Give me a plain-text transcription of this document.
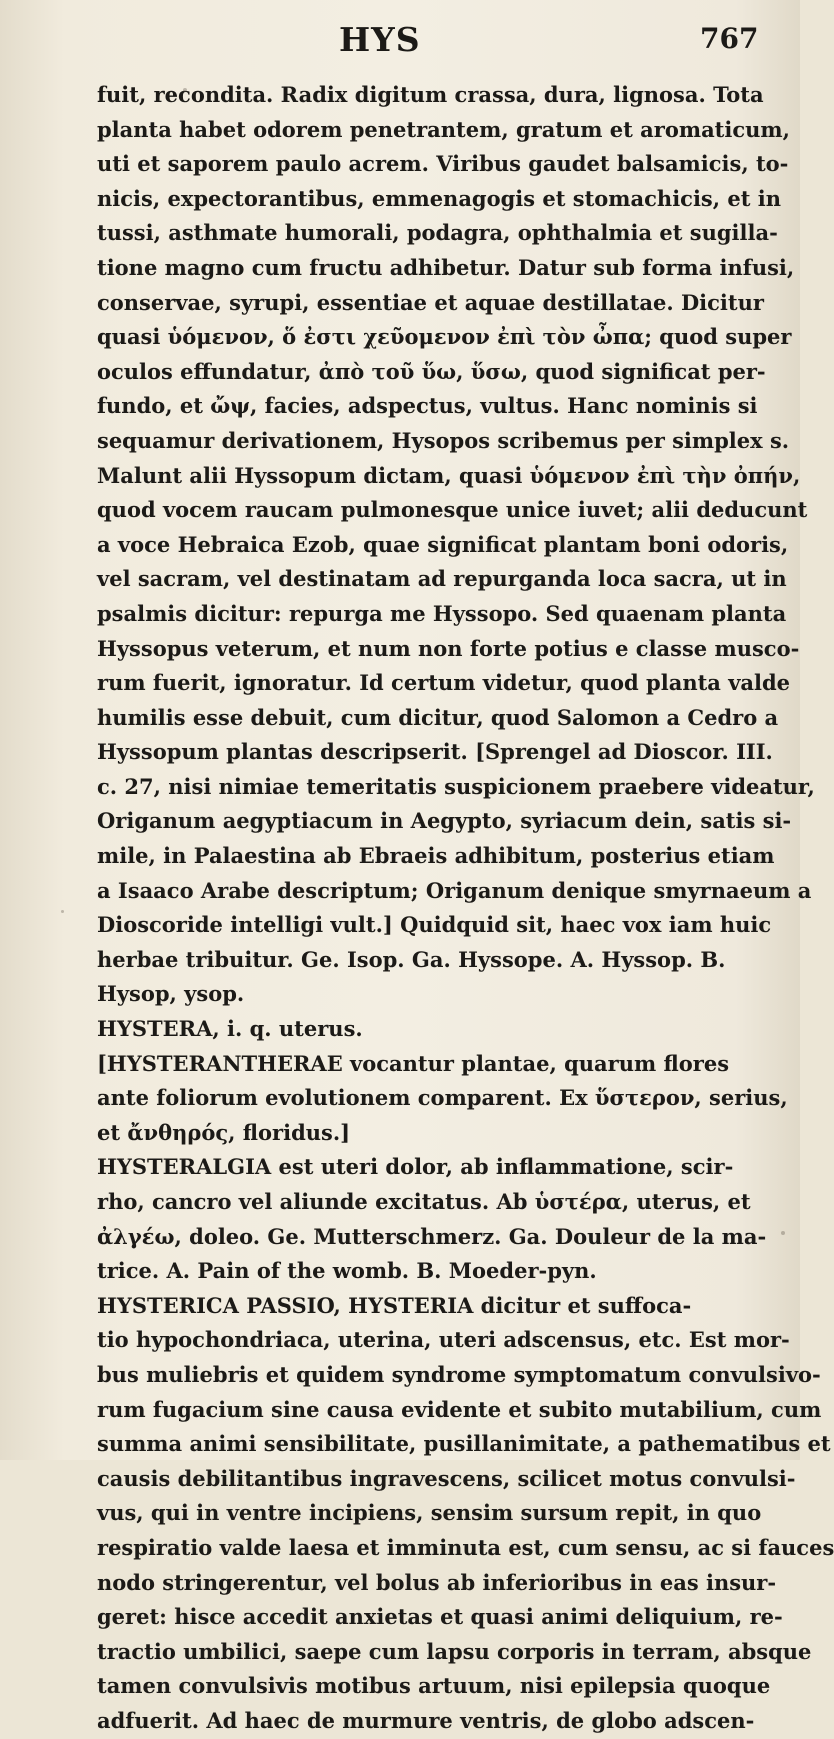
HYS	767
fuit, recondita. Radix digitum crassa, dura, lignosa. Tota
planta habet odorem penetrantem, gratum et aromaticum,
uti et saporem paulo acrem. Viribus gaudet balsamicis, to-
nicis, expectorantibus, emmenagogis et stomachicis, et in
tussi, asthmate humorali, podagra, ophthalmia et sugilla-
tione magno cum fructu adhibetur. Datur sub forma infusi,
conservae, syrupi, essentiae et aquae destillatae. Dicitur
quasi ὑόμενον, ὅ ἐστι χεῦομενον ἐπὶ τὸν ὦπα; quod super
oculos effundatur, ἀπὸ τοῦ ὕω, ὕσω, quod significat per-
fundo, et ὤψ, facies, adspectus, vultus. Hanc nominis si
sequamur derivationem, Hysopos scribemus per simplex s.
Malunt alii Hyssopum dictam, quasi ὑόμενον ἐπὶ τὴν ὀπήν,
quod vocem raucam pulmonesque unice iuvet; alii deducunt
a voce Hebraica Ezob, quae significat plantam boni odoris,
vel sacram, vel destinatam ad repurganda loca sacra, ut in
psalmis dicitur: repurga me Hyssopo. Sed quaenam planta
Hyssopus veterum, et num non forte potius e classe musco-
rum fuerit, ignoratur. Id certum videtur, quod planta valde
humilis esse debuit, cum dicitur, quod Salomon a Cedro a
Hyssopum plantas descripserit. [Sprengel ad Dioscor. III.
c. 27, nisi nimiae temeritatis suspicionem praebere videatur,
Origanum aegyptiacum in Aegypto, syriacum dein, satis si-
mile, in Palaestina ab Ebraeis adhibitum, posterius etiam
a Isaaco Arabe descriptum; Origanum denique smyrnaeum a
Dioscoride intelligi vult.] Quidquid sit, haec vox iam huic
herbae tribuitur. Ge. Isop. Ga. Hyssope. A. Hyssop. B.
Hysop, ysop.
HYSTERA, i. q. uterus.
[HYSTERANTHERAE vocantur plantae, quarum flores
ante foliorum evolutionem comparent. Ex ὕστερον, serius,
et ἄνθηρός, floridus.]
HYSTERALGIA est uteri dolor, ab inflammatione, scir-
rho, cancro vel aliunde excitatus. Ab ὑστέρα, uterus, et
ἀλγέω, doleo. Ge. Mutterschmerz. Ga. Douleur de la ma-
trice. A. Pain of the womb. B. Moeder-pyn.
HYSTERICA PASSIO, HYSTERIA dicitur et suffoca-
tio hypochondriaca, uterina, uteri adscensus, etc. Est mor-
bus muliebris et quidem syndrome symptomatum convulsivo-
rum fugacium sine causa evidente et subito mutabilium, cum
summa animi sensibilitate, pusillanimitate, a pathematibus et
causis debilitantibus ingravescens, scilicet motus convulsi-
vus, qui in ventre incipiens, sensim sursum repit, in quo
respiratio valde laesa et imminuta est, cum sensu, ac si fauces
nodo stringerentur, vel bolus ab inferioribus in eas insur-
geret: hisce accedit anxietas et quasi animi deliquium, re-
tractio umbilici, saepe cum lapsu corporis in terram, absque
tamen convulsivis motibus artuum, nisi epilepsia quoque
adfuerit. Ad haec de murmure ventris, de globo adscen-
